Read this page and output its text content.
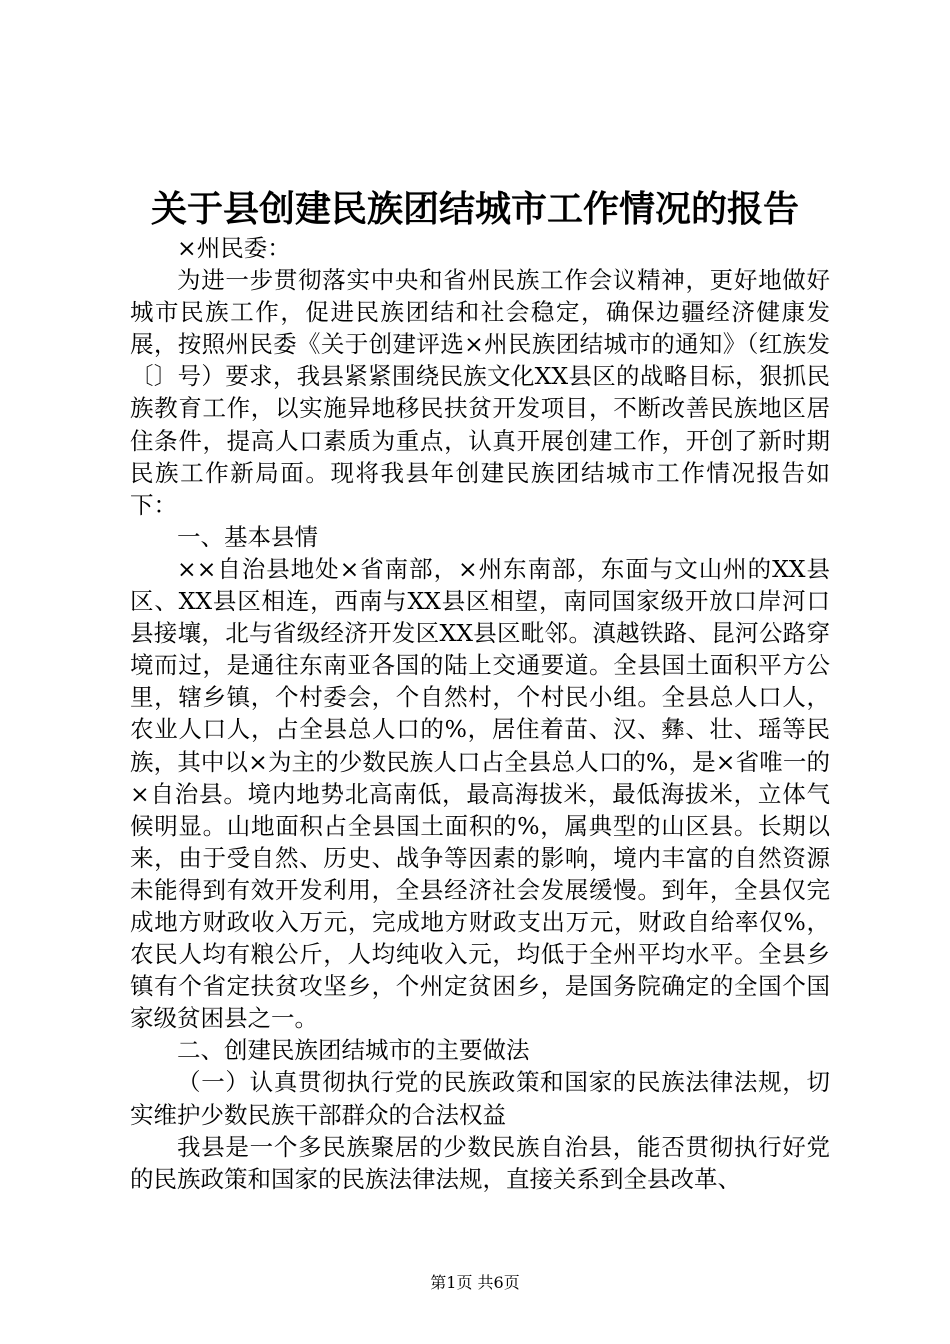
关于县创建民族团结城市工作情况的报告

×州民委：

为进一步贯彻落实中央和省州民族工作会议精神，更好地做好城市民族工作，促进民族团结和社会稳定，确保边疆经济健康发展，按照州民委《关于创建评选×州民族团结城市的通知》（红族发〔〕号）要求，我县紧紧围绕民族文化XX县区的战略目标，狠抓民族教育工作，以实施异地移民扶贫开发项目，不断改善民族地区居住条件，提高人口素质为重点，认真开展创建工作，开创了新时期民族工作新局面。现将我县年创建民族团结城市工作情况报告如下：

一、基本县情

××自治县地处×省南部，×州东南部，东面与文山州的XX县区、XX县区相连，西南与XX县区相望，南同国家级开放口岸河口县接壤，北与省级经济开发区XX县区毗邻。滇越铁路、昆河公路穿境而过，是通往东南亚各国的陆上交通要道。全县国土面积平方公里，辖乡镇，个村委会，个自然村，个村民小组。全县总人口人，农业人口人，占全县总人口的%，居住着苗、汉、彝、壮、瑶等民族，其中以×为主的少数民族人口占全县总人口的%，是×省唯一的×自治县。境内地势北高南低，最高海拔米，最低海拔米，立体气候明显。山地面积占全县国土面积的%，属典型的山区县。长期以来，由于受自然、历史、战争等因素的影响，境内丰富的自然资源未能得到有效开发利用，全县经济社会发展缓慢。到年，全县仅完成地方财政收入万元，完成地方财政支出万元，财政自给率仅%，农民人均有粮公斤，人均纯收入元，均低于全州平均水平。全县乡镇有个省定扶贫攻坚乡，个州定贫困乡，是国务院确定的全国个国家级贫困县之一。

二、创建民族团结城市的主要做法

（一）认真贯彻执行党的民族政策和国家的民族法律法规，切实维护少数民族干部群众的合法权益

我县是一个多民族聚居的少数民族自治县，能否贯彻执行好党的民族政策和国家的民族法律法规，直接关系到全县改革、

第1页 共6页
